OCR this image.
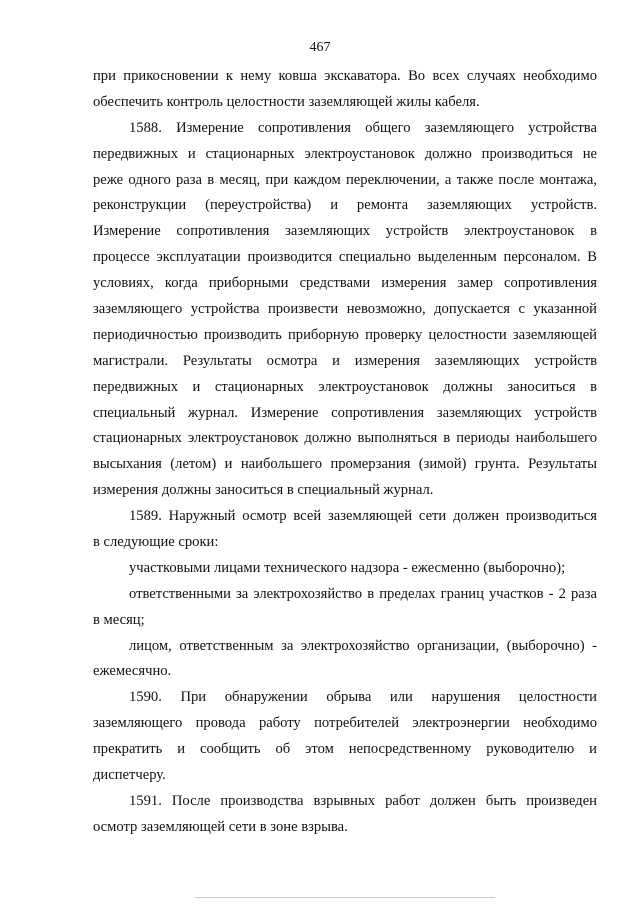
467
при прикосновении к нему ковша экскаватора. Во всех случаях необходимо
обеспечить контроль целостности заземляющей жилы кабеля.
1588. Измерение сопротивления общего заземляющего устройства
передвижных и стационарных электроустановок должно производиться не
реже одного раза в месяц, при каждом переключении, а также после монтажа,
реконструкции (переустройства) и ремонта заземляющих устройств.
Измерение сопротивления заземляющих устройств электроустановок в
процессе эксплуатации производится специально выделенным персоналом. В
условиях, когда приборными средствами измерения замер сопротивления
заземляющего устройства произвести невозможно, допускается с указанной
периодичностью производить приборную проверку целостности заземляющей
магистрали. Результаты осмотра и измерения заземляющих устройств
передвижных и стационарных электроустановок должны заноситься в
специальный журнал. Измерение сопротивления заземляющих устройств
стационарных электроустановок должно выполняться в периоды наибольшего
высыхания (летом) и наибольшего промерзания (зимой) грунта. Результаты
измерения должны заноситься в специальный журнал.
1589. Наружный осмотр всей заземляющей сети должен производиться
в следующие сроки:
участковыми лицами технического надзора - ежесменно (выборочно);
ответственными за электрохозяйство в пределах границ участков - 2 раза
в месяц;
лицом, ответственным за электрохозяйство организации, (выборочно) -
ежемесячно.
1590. При обнаружении обрыва или нарушения целостности
заземляющего провода работу потребителей электроэнергии необходимо
прекратить и сообщить об этом непосредственному руководителю и
диспетчеру.
1591. После производства взрывных работ должен быть произведен
осмотр заземляющей сети в зоне взрыва.
